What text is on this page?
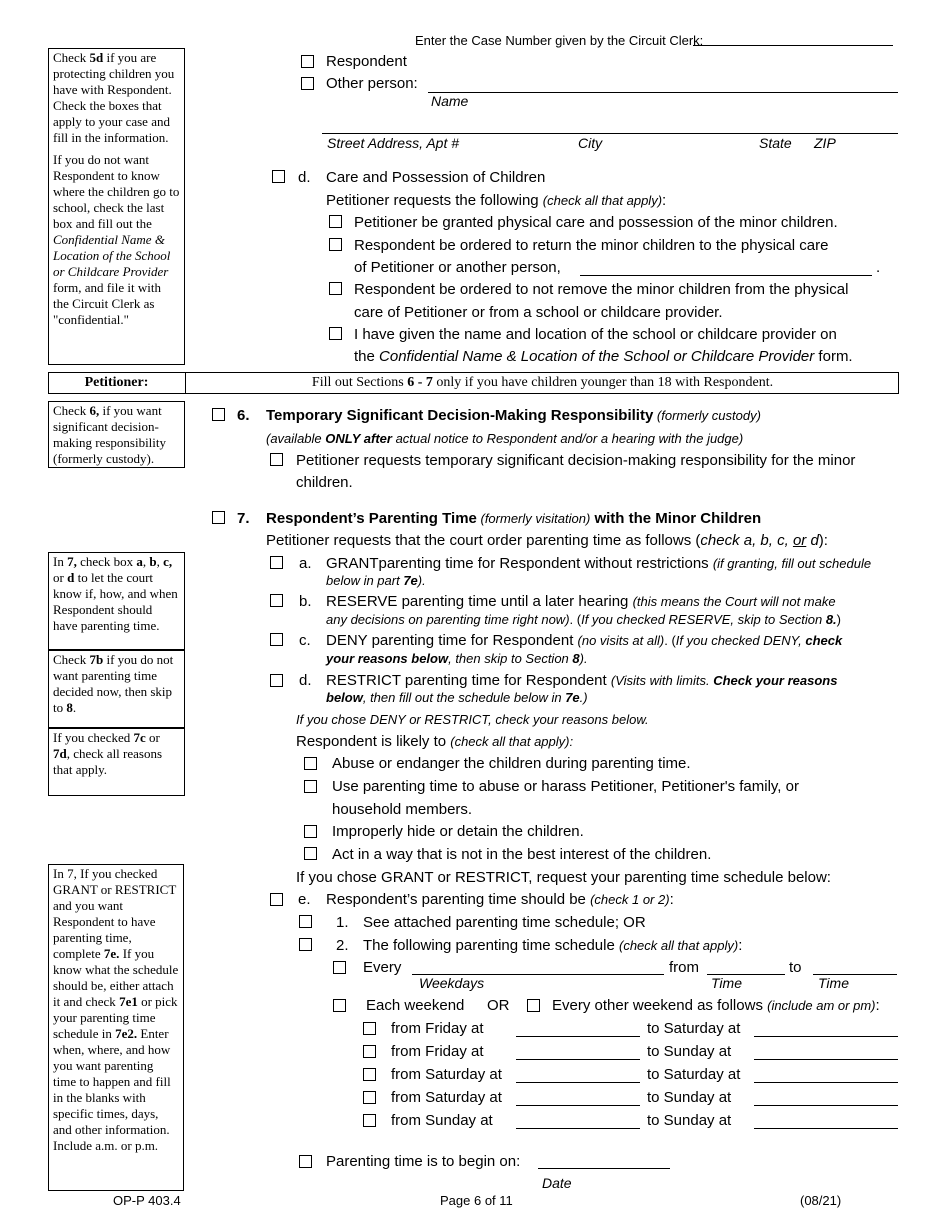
Enter the Case Number given by the Circuit Clerk:

Check 5d if you are protecting children you have with Respondent. Check the boxes that apply to your case and fill in the information.

If you do not want Respondent to know where the children go to school, check the last box and fill out the Confidential Name & Location of the School or Childcare Provider form, and file it with the Circuit Clerk as "confidential."

Respondent
Other person:
Name
Street Address, Apt #	City	State ZIP
d. Care and Possession of Children
Petitioner requests the following (check all that apply):
Petitioner be granted physical care and possession of the minor children.
Respondent be ordered to return the minor children to the physical care
of Petitioner or another person,	.
Respondent be ordered to not remove the minor children from the physical
care of Petitioner or from a school or childcare provider.
I have given the name and location of the school or childcare provider on
the Confidential Name & Location of the School or Childcare Provider form.
Petitioner:	Fill out Sections 6 - 7 only if you have children younger than 18 with Respondent.
Check 6, if you want significant decision-making responsibility (formerly custody).
6. Temporary Significant Decision-Making Responsibility (formerly custody)
(available ONLY after actual notice to Respondent and/or a hearing with the judge)
Petitioner requests temporary significant decision-making responsibility for the minor
children.
7. Respondent’s Parenting Time (formerly visitation) with the Minor Children
Petitioner requests that the court order parenting time as follows (check a, b, c, or d):
In 7, check box a, b, c, or d to let the court know if, how, and when Respondent should have parenting time.
Check 7b if you do not want parenting time decided now, then skip to 8.
If you checked 7c or 7d, check all reasons that apply.
a. GRANTparenting time for Respondent without restrictions (if granting, fill out schedule
below in part 7e).
b. RESERVE parenting time until a later hearing (this means the Court will not make
any decisions on parenting time right now). (If you checked RESERVE, skip to Section 8.)
c. DENY parenting time for Respondent (no visits at all). (If you checked DENY, check
your reasons below, then skip to Section 8).
d. RESTRICT parenting time for Respondent (Visits with limits. Check your reasons
below, then fill out the schedule below in 7e.)
If you chose DENY or RESTRICT, check your reasons below.
Respondent is likely to (check all that apply):
Abuse or endanger the children during parenting time.
Use parenting time to abuse or harass Petitioner, Petitioner's family, or
household members.
Improperly hide or detain the children.
Act in a way that is not in the best interest of the children.
If you chose GRANT or RESTRICT, request your parenting time schedule below:
In 7, If you checked GRANT or RESTRICT and you want Respondent to have parenting time, complete 7e. If you know what the schedule should be, either attach it and check 7e1 or pick your parenting time schedule in 7e2. Enter when, where, and how you want parenting time to happen and fill in the blanks with specific times, days, and other information. Include a.m. or p.m.
e. Respondent’s parenting time should be (check 1 or 2):
1. See attached parenting time schedule; OR
2. The following parenting time schedule (check all that apply):
Every	from	to
Weekdays	Time	Time
Each weekend OR	Every other weekend as follows (include am or pm):
from Friday at	to Saturday at
from Friday at	to Sunday at
from Saturday at	to Saturday at
from Saturday at	to Sunday at
from Sunday at	to Sunday at
Parenting time is to begin on:
Date
OP-P 403.4	Page 6 of 11	(08/21)
